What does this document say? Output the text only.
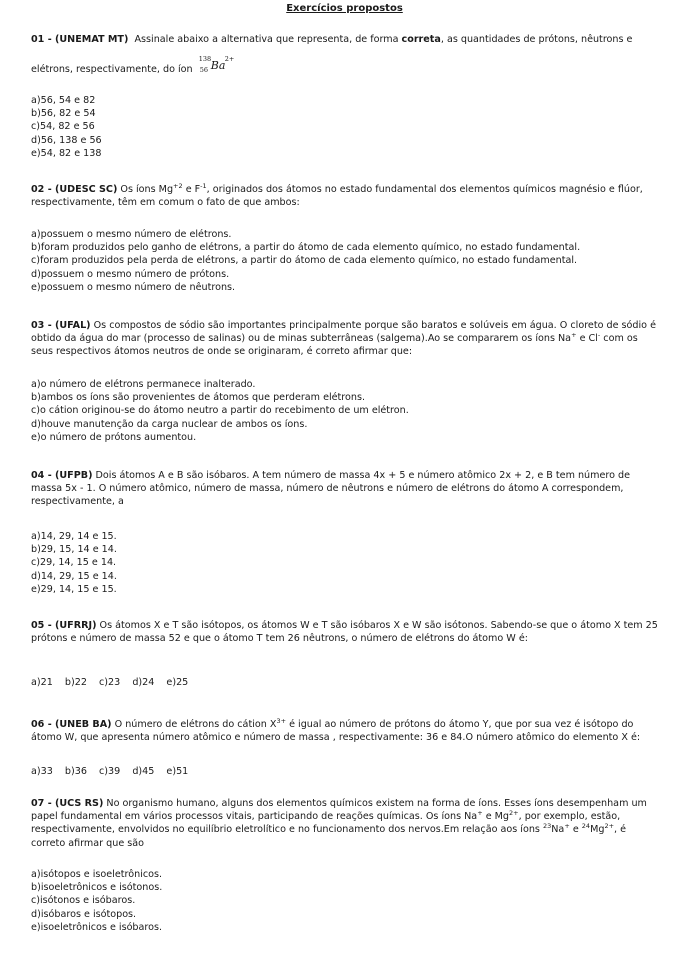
Exercícios propostos

01 - (UNEMAT MT) Assinale abaixo a alternativa que representa, de forma correta, as quantidades de prótons, nêutrons e

elétrons, respectivamente, do íon
138
56 Ba 2+

a)56, 54 e 82
b)56, 82 e 54
c)54, 82 e 56
d)56, 138 e 56
e)54, 82 e 138

02 - (UDESC SC) Os íons $Mg^{+2}$ e $F^{-1}$, originados dos átomos no estado fundamental dos elementos químicos magnésio e flúor, respectivamente, têm em comum o fato de que ambos:

a)possuem o mesmo número de elétrons.
b)foram produzidos pelo ganho de elétrons, a partir do átomo de cada elemento químico, no estado fundamental.
c)foram produzidos pela perda de elétrons, a partir do átomo de cada elemento químico, no estado fundamental.
d)possuem o mesmo número de prótons.
e)possuem o mesmo número de nêutrons.

03 - (UFAL) Os compostos de sódio são importantes principalmente porque são baratos e solúveis em água. O cloreto de sódio é obtido da água do mar (processo de salinas) ou de minas subterrâneas (salgema).Ao se compararem os íons Na+ e Cl- com os seus respectivos átomos neutros de onde se originaram, é correto afirmar que:

a)o número de elétrons permanece inalterado.
b)ambos os íons são provenientes de átomos que perderam elétrons.
c)o cátion originou-se do átomo neutro a partir do recebimento de um elétron.
d)houve manutenção da carga nuclear de ambos os íons.
e)o número de prótons aumentou.

04 - (UFPB) Dois átomos A e B são isóbaros. A tem número de massa 4x + 5 e número atômico 2x + 2, e B tem número de massa 5x - 1. O número atômico, número de massa, número de nêutrons e número de elétrons do átomo A correspondem, respectivamente, a

a)14, 29, 14 e 15.
b)29, 15, 14 e 14.
c)29, 14, 15 e 14.
d)14, 29, 15 e 14.
e)29, 14, 15 e 15.

05 - (UFRRJ) Os átomos X e T são isótopos, os átomos W e T são isóbaros X e W são isótonos. Sabendo-se que o átomo X tem 25 prótons e número de massa 52 e que o átomo T tem 26 nêutrons, o número de elétrons do átomo W é:

a)21 b)22 c)23 d)24 e)25

06 - (UNEB BA) O número de elétrons do cátion $X^{3+}$ é igual ao número de prótons do átomo Y, que por sua vez é isótopo do átomo W, que apresenta número atômico e número de massa , respectivamente: 36 e 84.O número atômico do elemento X é:

a)33 b)36 c)39 d)45 e)51

07 - (UCS RS) No organismo humano, alguns dos elementos químicos existem na forma de íons. Esses íons desempenham um papel fundamental em vários processos vitais, participando de reações químicas. Os íons Na+ e $Mg^{2+}$, por exemplo, estão, respectivamente, envolvidos no equilíbrio eletrolítico e no funcionamento dos nervos.Em relação aos íons $^{23}$Na+ e $^{24}Mg^{2+}$, é correto afirmar que são

a)isótopos e isoeletrônicos.
b)isoeletrônicos e isótonos.
c)isótonos e isóbaros.
d)isóbaros e isótopos.
e)isoeletrônicos e isóbaros.
